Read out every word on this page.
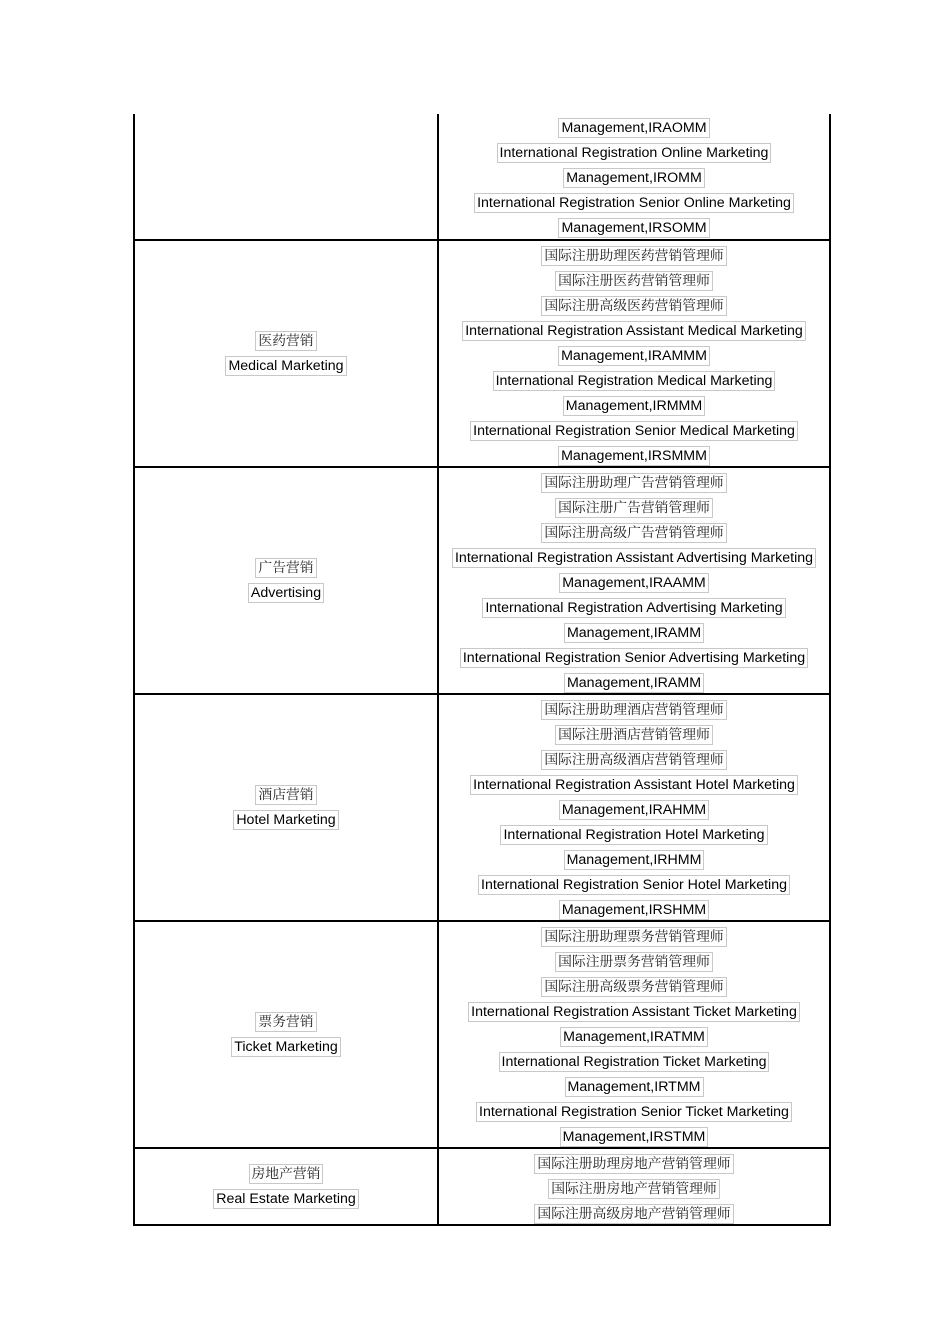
Management,IRAOMM
International Registration Online Marketing
Management,IROMM
International Registration Senior Online Marketing
Management,IRSOMM
医药营销
Medical Marketing
国际注册助理医药营销管理师
国际注册医药营销管理师
国际注册高级医药营销管理师
International Registration Assistant Medical Marketing
Management,IRAMMM
International Registration Medical Marketing
Management,IRMMM
International Registration Senior Medical Marketing
Management,IRSMMM
广告营销
Advertising
国际注册助理广告营销管理师
国际注册广告营销管理师
国际注册高级广告营销管理师
International Registration Assistant Advertising Marketing
Management,IRAAMM
International Registration Advertising Marketing
Management,IRAMM
International Registration Senior Advertising Marketing
Management,IRAMM
酒店营销
Hotel Marketing
国际注册助理酒店营销管理师
国际注册酒店营销管理师
国际注册高级酒店营销管理师
International Registration Assistant Hotel Marketing
Management,IRAHMM
International Registration Hotel Marketing
Management,IRHMM
International Registration Senior Hotel Marketing
Management,IRSHMM
票务营销
Ticket Marketing
国际注册助理票务营销管理师
国际注册票务营销管理师
国际注册高级票务营销管理师
International Registration Assistant Ticket Marketing
Management,IRATMM
International Registration Ticket Marketing
Management,IRTMM
International Registration Senior Ticket Marketing
Management,IRSTMM
房地产营销
Real Estate Marketing
国际注册助理房地产营销管理师
国际注册房地产营销管理师
国际注册高级房地产营销管理师
